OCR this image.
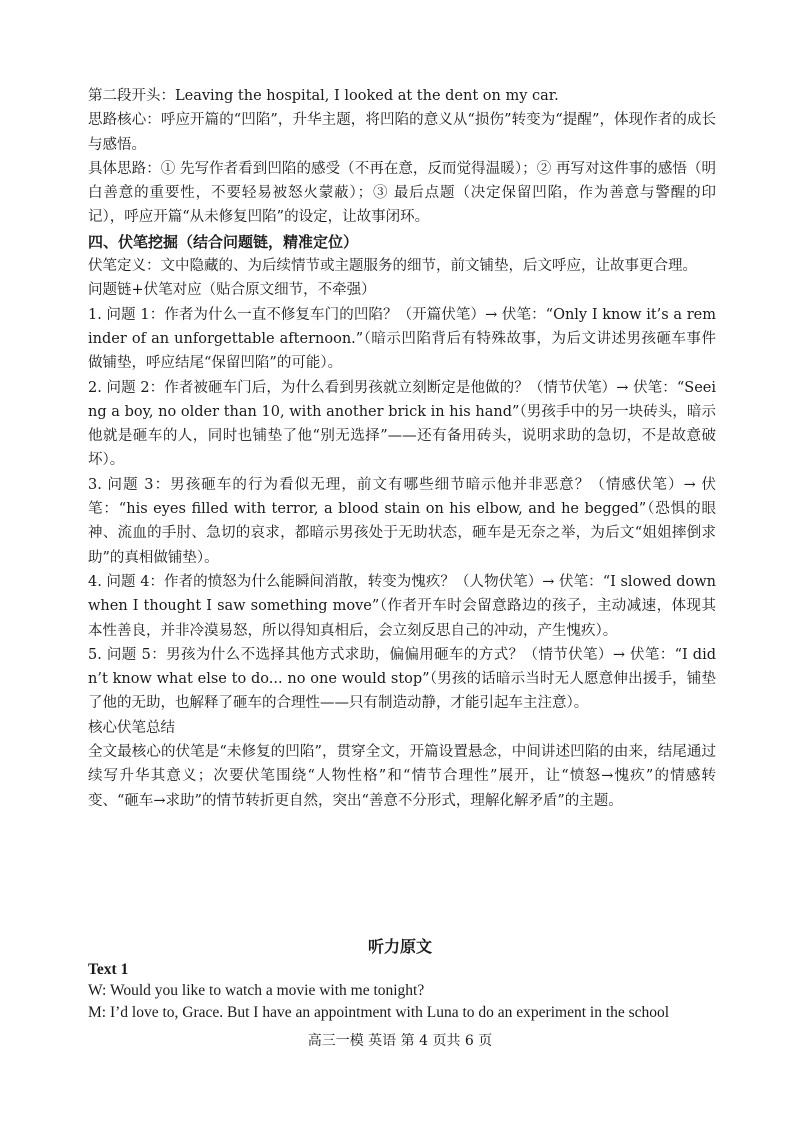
第二段开头：Leaving the hospital, I looked at the dent on my car.

思路核心：呼应开篇的“凹陷”，升华主题，将凹陷的意义从“损伤”转变为“提醒”，体现作者的成长与感悟。

具体思路：① 先写作者看到凹陷的感受（不再在意，反而觉得温暖）；② 再写对这件事的感悟（明白善意的重要性，不要轻易被怒火蒙蔽）；③ 最后点题（决定保留凹陷，作为善意与警醒的印记），呼应开篇“从未修复凹陷”的设定，让故事闭环。

四、伏笔挖掘（结合问题链，精准定位）

伏笔定义：文中隐藏的、为后续情节或主题服务的细节，前文铺垫，后文呼应，让故事更合理。

问题链+伏笔对应（贴合原文细节，不牵强）

1. 问题 1：作者为什么一直不修复车门的凹陷？（开篇伏笔）→ 伏笔：“Only I know it’s a reminder of an unforgettable afternoon.”（暗示凹陷背后有特殊故事，为后文讲述男孩砸车事件做铺垫，呼应结尾“保留凹陷”的可能）。

2. 问题 2：作者被砸车门后，为什么看到男孩就立刻断定是他做的？（情节伏笔）→ 伏笔：“Seeing a boy, no older than 10, with another brick in his hand”（男孩手中的另一块砖头，暗示他就是砸车的人，同时也铺垫了他“别无选择”——还有备用砖头，说明求助的急切，不是故意破坏）。

3. 问题 3：男孩砸车的行为看似无理，前文有哪些细节暗示他并非恶意？（情感伏笔）→ 伏笔：“his eyes filled with terror, a blood stain on his elbow, and he begged”（恐惧的眼神、流血的手肘、急切的哀求，都暗示男孩处于无助状态，砸车是无奈之举，为后文“姐姐摔倒求助”的真相做铺垫）。

4. 问题 4：作者的愤怒为什么能瞬间消散，转变为愧疚？（人物伏笔）→ 伏笔：“I slowed down when I thought I saw something move”（作者开车时会留意路边的孩子，主动减速，体现其本性善良，并非冷漠易怒，所以得知真相后，会立刻反思自己的冲动，产生愧疚）。

5. 问题 5：男孩为什么不选择其他方式求助，偏偏用砸车的方式？（情节伏笔）→ 伏笔：“I didn’t know what else to do... no one would stop”（男孩的话暗示当时无人愿意伸出援手，铺垫了他的无助，也解释了砸车的合理性——只有制造动静，才能引起车主注意）。

核心伏笔总结

全文最核心的伏笔是“未修复的凹陷”，贯穿全文，开篇设置悬念，中间讲述凹陷的由来，结尾通过续写升华其意义；次要伏笔围绕“人物性格”和“情节合理性”展开，让“愤怒→愧疚”的情感转变、“砸车→求助”的情节转折更自然，突出“善意不分形式，理解化解矛盾”的主题。

听力原文

Text 1

W: Would you like to watch a movie with me tonight?

M: I’d love to, Grace. But I have an appointment with Luna to do an experiment in the school

高三一模 英语 第 4 页共 6 页
